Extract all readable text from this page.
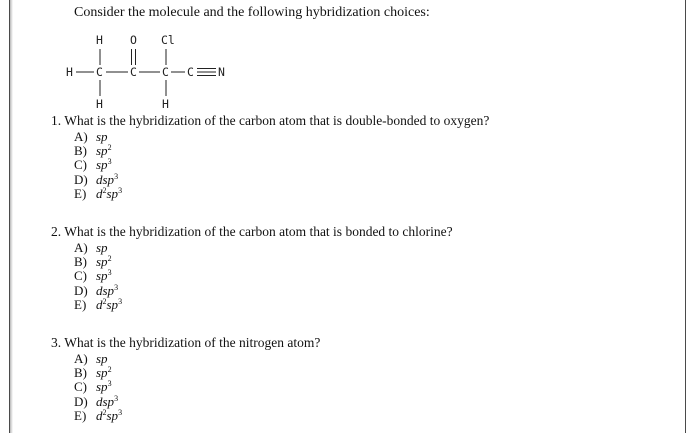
Consider the molecule and the following hybridization choices:
H O Cl
H C C C C N
H	H
1. What is the hybridization of the carbon atom that is double-bonded to oxygen?
A) sp
B) $sp^2$
C) $sp^3$
D) dsp$^3$
E) $d^2sp^3$
2. What is the hybridization of the carbon atom that is bonded to chlorine?
A) sp
B) $sp^2$
C) $sp^3$
D) dsp$^3$
E) $d^2sp^3$
3. What is the hybridization of the nitrogen atom?
A) sp
B) $sp^2$
C) $sp^3$
D) dsp$^3$
E) $d^2sp^3$
